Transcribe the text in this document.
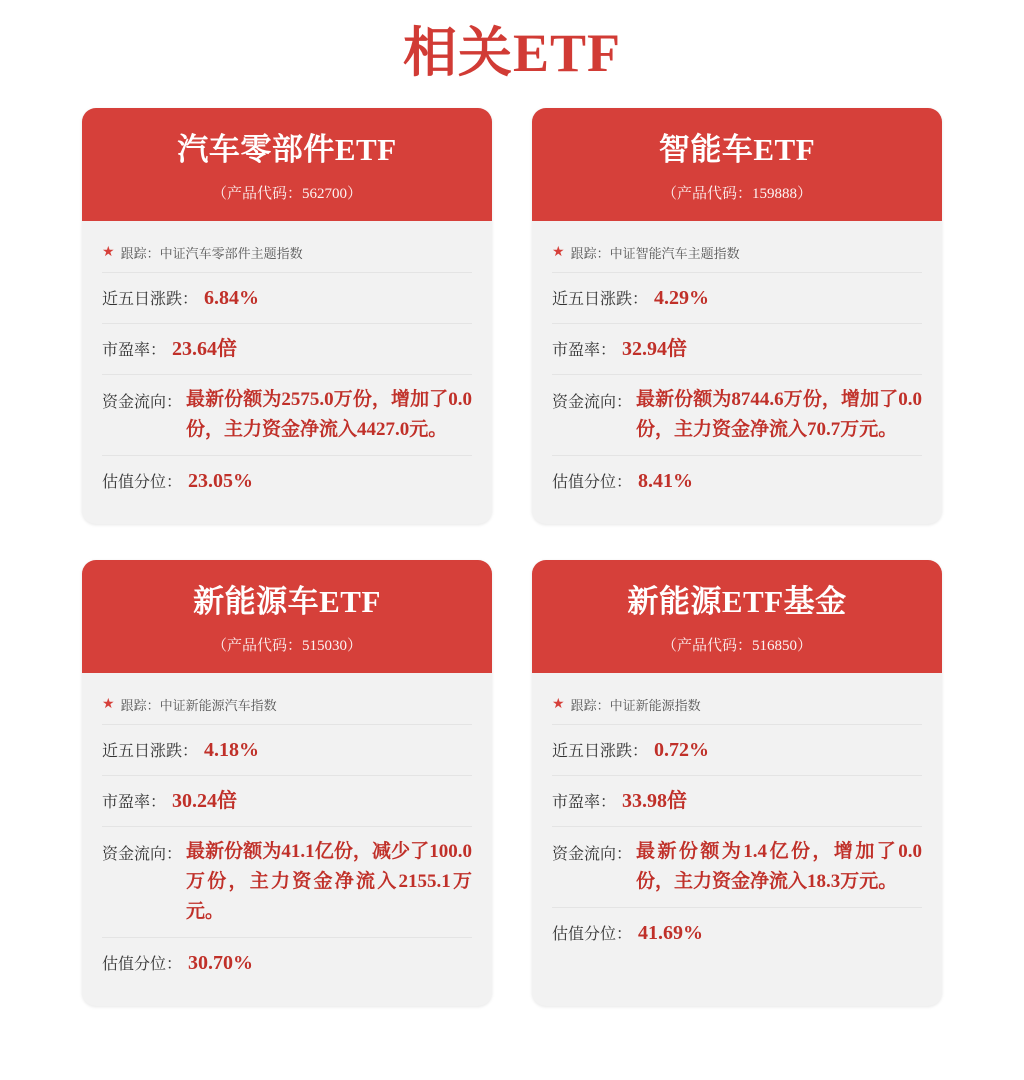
相关ETF
汽车零部件ETF
（产品代码：562700）
★ 跟踪： 中证汽车零部件主题指数
近五日涨跌： 6.84%
市盈率： 23.64倍
资金流向： 最新份额为2575.0万份，增加了0.0份，主力资金净流入4427.0元。
估值分位： 23.05%
智能车ETF
（产品代码：159888）
★ 跟踪： 中证智能汽车主题指数
近五日涨跌： 4.29%
市盈率： 32.94倍
资金流向： 最新份额为8744.6万份，增加了0.0份，主力资金净流入70.7万元。
估值分位： 8.41%
新能源车ETF
（产品代码：515030）
★ 跟踪： 中证新能源汽车指数
近五日涨跌： 4.18%
市盈率： 30.24倍
资金流向： 最新份额为41.1亿份，减少了100.0万份，主力资金净流入2155.1万元。
估值分位： 30.70%
新能源ETF基金
（产品代码：516850）
★ 跟踪： 中证新能源指数
近五日涨跌： 0.72%
市盈率： 33.98倍
资金流向： 最新份额为1.4亿份，增加了0.0份，主力资金净流入18.3万元。
估值分位： 41.69%
